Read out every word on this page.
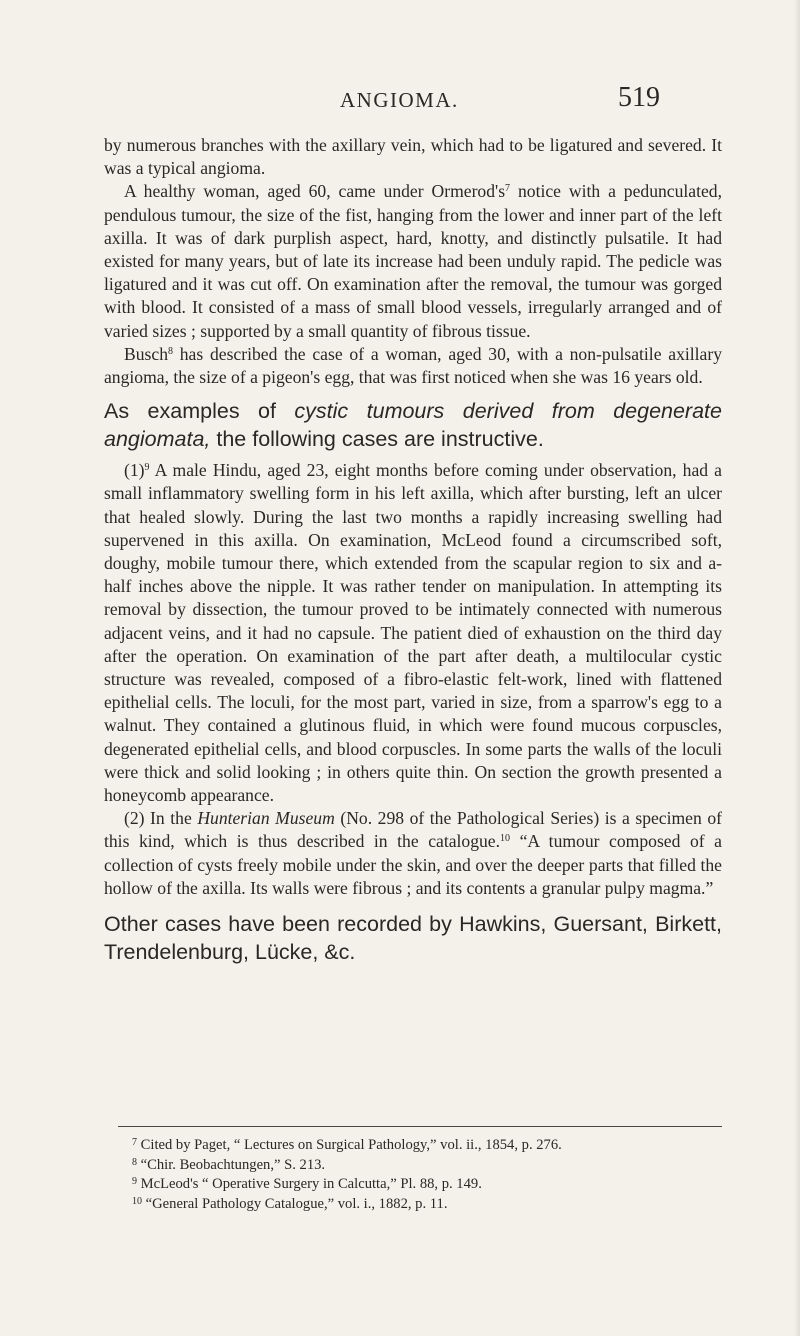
ANGIOMA.	519

by numerous branches with the axillary vein, which had to be ligatured and severed. It was a typical angioma.

A healthy woman, aged 60, came under $Ormerod's^7$ notice with a pedunculated, pendulous tumour, the size of the fist, hanging from the lower and inner part of the left axilla. It was of dark purplish aspect, hard, knotty, and distinctly pulsatile. It had existed for many years, but of late its increase had been unduly rapid. The pedicle was ligatured and it was cut off. On examination after the removal, the tumour was gorged with blood. It consisted of a mass of small blood vessels, irregularly arranged and of varied sizes ; supported by a small quantity of fibrous tissue.

Busch$^8$ has described the case of a woman, aged 30, with a non-pulsatile axillary angioma, the size of a pigeon's egg, that was first noticed when she was 16 years old.

As examples of cystic tumours derived from degenerate angiomata, the following cases are instructive.

$(1)^9$ A male Hindu, aged 23, eight months before coming under observation, had a small inflammatory swelling form in his left axilla, which after bursting, left an ulcer that healed slowly. During the last two months a rapidly increasing swelling had supervened in this axilla. On examination, McLeod found a circumscribed soft, doughy, mobile tumour there, which extended from the scapular region to six and a-half inches above the nipple. It was rather tender on manipulation. In attempting its removal by dissection, the tumour proved to be intimately connected with numerous adjacent veins, and it had no capsule. The patient died of exhaustion on the third day after the operation. On examination of the part after death, a multilocular cystic structure was revealed, composed of a fibro-elastic felt-work, lined with flattened epithelial cells. The loculi, for the most part, varied in size, from a sparrow's egg to a walnut. They contained a glutinous fluid, in which were found mucous corpuscles, degenerated epithelial cells, and blood corpuscles. In some parts the walls of the loculi were thick and solid looking ; in others quite thin. On section the growth presented a honeycomb appearance.

(2) In the Hunterian Museum (No. 298 of the Pathological Series) is a specimen of this kind, which is thus described in the catalogue.$^{10}$ “A tumour composed of a collection of cysts freely mobile under the skin, and over the deeper parts that filled the hollow of the axilla. Its walls were fibrous ; and its contents a granular pulpy magma.”

Other cases have been recorded by Hawkins, Guersant, Birkett, Trendelenburg, Lücke, &c.

$^7$ Cited by Paget, “ Lectures on Surgical Pathology,” vol. ii., 1854, p. 276.
$^8$ “Chir. Beobachtungen,” S. 213.
$^9$ McLeod's “ Operative Surgery in Calcutta,” Pl. 88, p. 149.
$^{10}$ “General Pathology Catalogue,” vol. i., 1882, p. 11.
